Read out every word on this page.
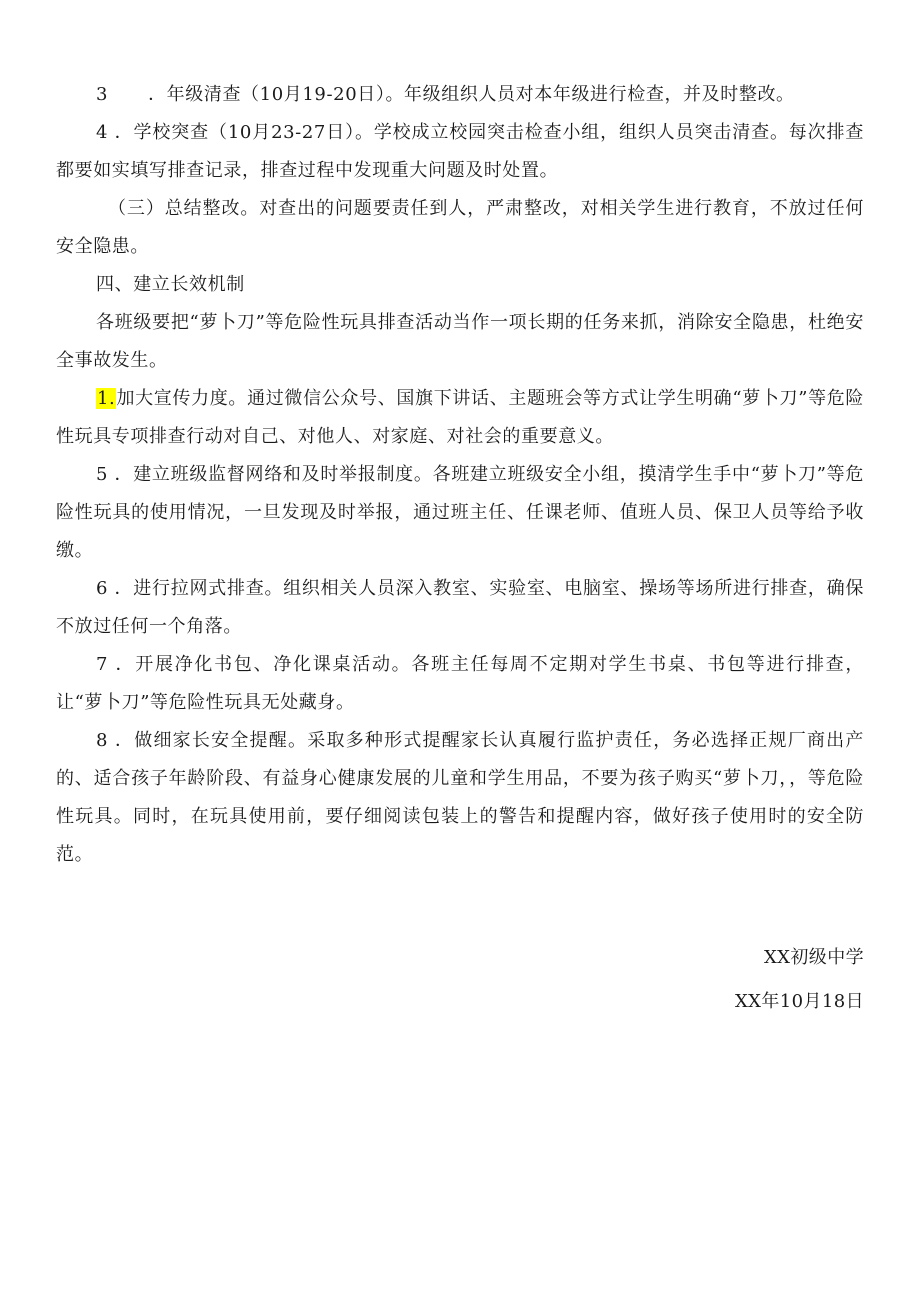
3 ．年级清查（10月19-20日）。年级组织人员对本年级进行检查，并及时整改。

4 ．学校突查（10月23-27日）。学校成立校园突击检查小组，组织人员突击清查。每次排查都要如实填写排查记录，排查过程中发现重大问题及时处置。

（三）总结整改。对查出的问题要责任到人，严肃整改，对相关学生进行教育，不放过任何安全隐患。

四、建立长效机制

各班级要把“萝卜刀”等危险性玩具排查活动当作一项长期的任务来抓，消除安全隐患，杜绝安全事故发生。

1.加大宣传力度。通过微信公众号、国旗下讲话、主题班会等方式让学生明确“萝卜刀”等危险性玩具专项排查行动对自己、对他人、对家庭、对社会的重要意义。

5 ．建立班级监督网络和及时举报制度。各班建立班级安全小组，摸清学生手中“萝卜刀”等危险性玩具的使用情况，一旦发现及时举报，通过班主任、任课老师、值班人员、保卫人员等给予收缴。

6 ．进行拉网式排查。组织相关人员深入教室、实验室、电脑室、操场等场所进行排查，确保不放过任何一个角落。

7 ．开展净化书包、净化课桌活动。各班主任每周不定期对学生书桌、书包等进行排查，让“萝卜刀”等危险性玩具无处藏身。

8 ．做细家长安全提醒。采取多种形式提醒家长认真履行监护责任，务必选择正规厂商出产的、适合孩子年龄阶段、有益身心健康发展的儿童和学生用品，不要为孩子购买“萝卜刀，，等危险性玩具。同时，在玩具使用前，要仔细阅读包装上的警告和提醒内容，做好孩子使用时的安全防范。

XX初级中学
XX年10月18日
